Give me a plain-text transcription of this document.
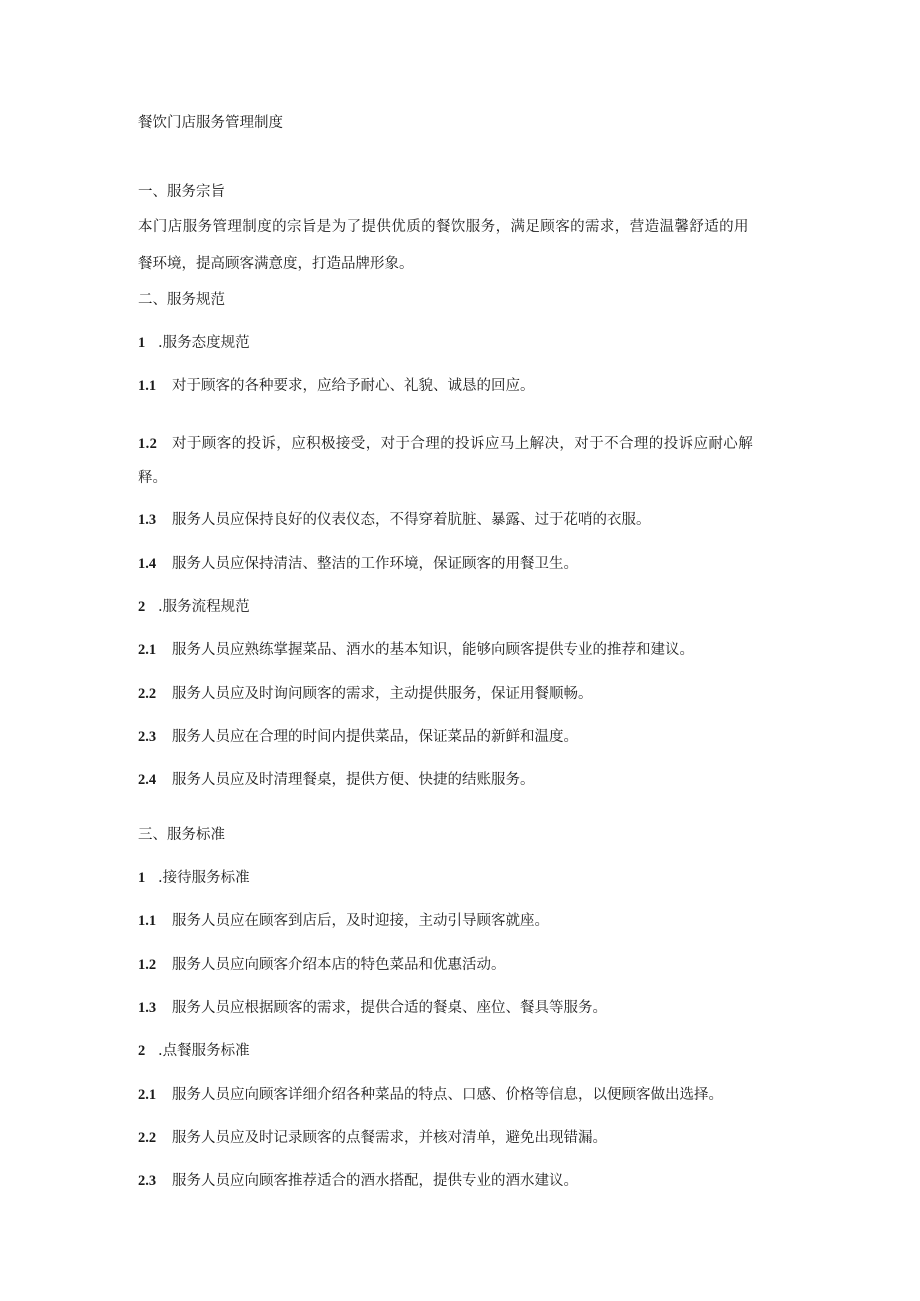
餐饮门店服务管理制度
一、服务宗旨
本门店服务管理制度的宗旨是为了提供优质的餐饮服务，满足顾客的需求，营造温馨舒适的用
餐环境，提高顾客满意度，打造品牌形象。
二、服务规范
1 .服务态度规范
1.1 对于顾客的各种要求，应给予耐心、礼貌、诚恳的回应。
1.2 对于顾客的投诉，应积极接受，对于合理的投诉应马上解决，对于不合理的投诉应耐心解
释。
1.3 服务人员应保持良好的仪表仪态，不得穿着肮脏、暴露、过于花哨的衣服。
1.4 服务人员应保持清洁、整洁的工作环境，保证顾客的用餐卫生。
2 .服务流程规范
2.1 服务人员应熟练掌握菜品、酒水的基本知识，能够向顾客提供专业的推荐和建议。
2.2 服务人员应及时询问顾客的需求，主动提供服务，保证用餐顺畅。
2.3 服务人员应在合理的时间内提供菜品，保证菜品的新鲜和温度。
2.4 服务人员应及时清理餐桌，提供方便、快捷的结账服务。
三、服务标准
1 .接待服务标准
1.1 服务人员应在顾客到店后，及时迎接，主动引导顾客就座。
1.2 服务人员应向顾客介绍本店的特色菜品和优惠活动。
1.3 服务人员应根据顾客的需求，提供合适的餐桌、座位、餐具等服务。
2 .点餐服务标准
2.1 服务人员应向顾客详细介绍各种菜品的特点、口感、价格等信息，以便顾客做出选择。
2.2 服务人员应及时记录顾客的点餐需求，并核对清单，避免出现错漏。
2.3 服务人员应向顾客推荐适合的酒水搭配，提供专业的酒水建议。
